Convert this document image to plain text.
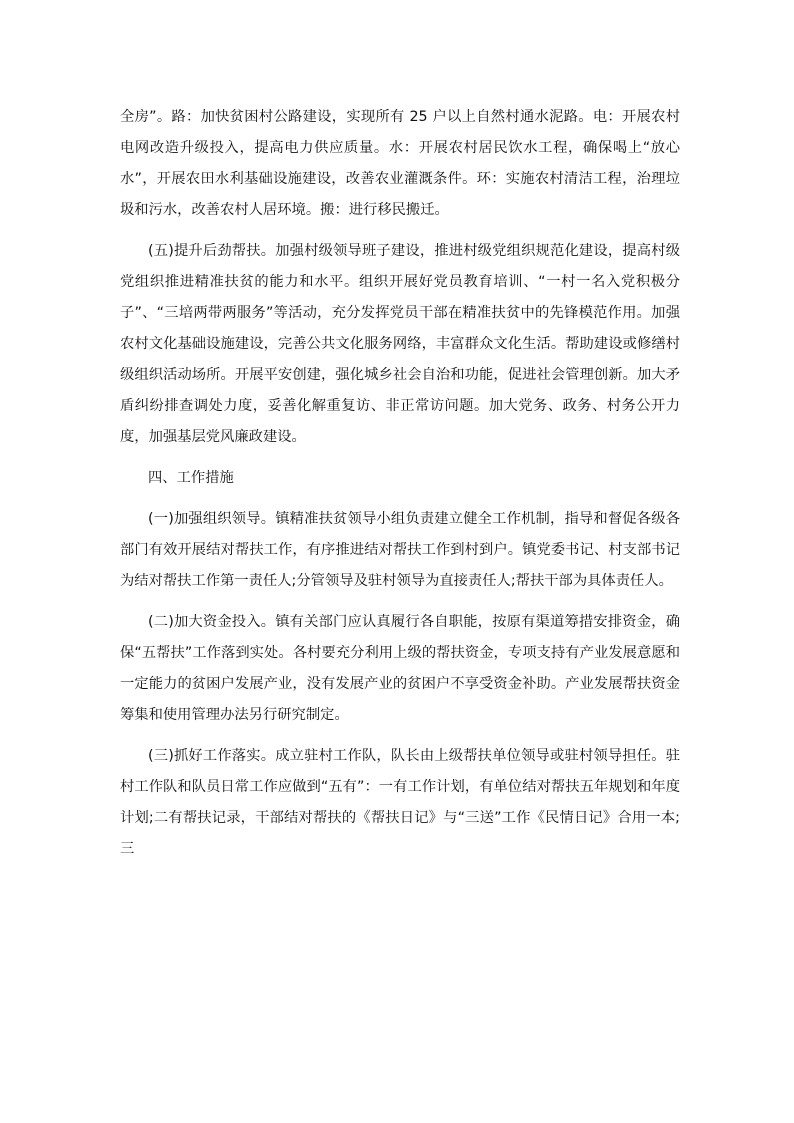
全房”。路：加快贫困村公路建设，实现所有 25 户以上自然村通水泥路。电：开展农村电网改造升级投入，提高电力供应质量。水：开展农村居民饮水工程，确保喝上“放心水”，开展农田水利基础设施建设，改善农业灌溉条件。环：实施农村清洁工程，治理垃圾和污水，改善农村人居环境。搬：进行移民搬迁。

(五)提升后劲帮扶。加强村级领导班子建设，推进村级党组织规范化建设，提高村级党组织推进精准扶贫的能力和水平。组织开展好党员教育培训、“一村一名入党积极分子”、“三培两带两服务”等活动，充分发挥党员干部在精准扶贫中的先锋模范作用。加强农村文化基础设施建设，完善公共文化服务网络，丰富群众文化生活。帮助建设或修缮村级组织活动场所。开展平安创建，强化城乡社会自治和功能，促进社会管理创新。加大矛盾纠纷排查调处力度，妥善化解重复访、非正常访问题。加大党务、政务、村务公开力度，加强基层党风廉政建设。

四、工作措施

(一)加强组织领导。镇精准扶贫领导小组负责建立健全工作机制，指导和督促各级各部门有效开展结对帮扶工作，有序推进结对帮扶工作到村到户。镇党委书记、村支部书记为结对帮扶工作第一责任人;分管领导及驻村领导为直接责任人;帮扶干部为具体责任人。

(二)加大资金投入。镇有关部门应认真履行各自职能，按原有渠道筹措安排资金，确保“五帮扶”工作落到实处。各村要充分利用上级的帮扶资金，专项支持有产业发展意愿和一定能力的贫困户发展产业，没有发展产业的贫困户不享受资金补助。产业发展帮扶资金筹集和使用管理办法另行研究制定。

(三)抓好工作落实。成立驻村工作队，队长由上级帮扶单位领导或驻村领导担任。驻村工作队和队员日常工作应做到“五有”：一有工作计划，有单位结对帮扶五年规划和年度计划;二有帮扶记录，干部结对帮扶的《帮扶日记》与“三送”工作《民情日记》合用一本;三
